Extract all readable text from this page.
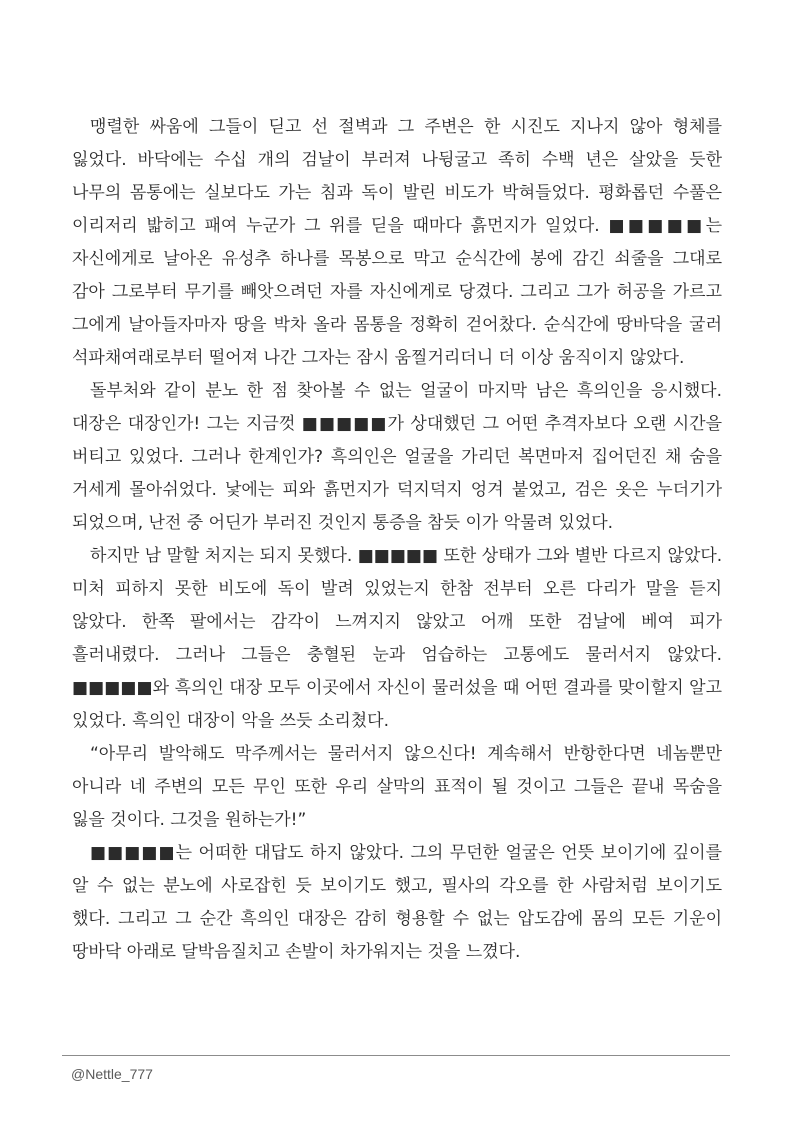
맹렬한 싸움에 그들이 딛고 선 절벽과 그 주변은 한 시진도 지나지 않아 형체를
잃었다. 바닥에는 수십 개의 검날이 부러져 나뒹굴고 족히 수백 년은 살았을 듯한
나무의 몸통에는 실보다도 가는 침과 독이 발린 비도가 박혀들었다. 평화롭던 수풀은
이리저리 밟히고 패여 누군가 그 위를 딛을 때마다 흙먼지가 일었다. ■■■■■는
자신에게로 날아온 유성추 하나를 목봉으로 막고 순식간에 봉에 감긴 쇠줄을 그대로
감아 그로부터 무기를 빼앗으려던 자를 자신에게로 당겼다. 그리고 그가 허공을 가르고
그에게 날아들자마자 땅을 박차 올라 몸통을 정확히 걷어찼다. 순식간에 땅바닥을 굴러
석파채여래로부터 떨어져 나간 그자는 잠시 움찔거리더니 더 이상 움직이지 않았다.
돌부처와 같이 분노 한 점 찾아볼 수 없는 얼굴이 마지막 남은 흑의인을 응시했다.
대장은 대장인가! 그는 지금껏 ■■■■■가 상대했던 그 어떤 추격자보다 오랜 시간을
버티고 있었다. 그러나 한계인가? 흑의인은 얼굴을 가리던 복면마저 집어던진 채 숨을
거세게 몰아쉬었다. 낯에는 피와 흙먼지가 덕지덕지 엉겨 붙었고, 검은 옷은 누더기가
되었으며, 난전 중 어딘가 부러진 것인지 통증을 참듯 이가 악물려 있었다.
하지만 남 말할 처지는 되지 못했다. ■■■■■ 또한 상태가 그와 별반 다르지 않았다.
미처 피하지 못한 비도에 독이 발려 있었는지 한참 전부터 오른 다리가 말을 듣지
않았다. 한쪽 팔에서는 감각이 느껴지지 않았고 어깨 또한 검날에 베여 피가
흘러내렸다. 그러나 그들은 충혈된 눈과 엄습하는 고통에도 물러서지 않았다.
■■■■■와 흑의인 대장 모두 이곳에서 자신이 물러섰을 때 어떤 결과를 맞이할지 알고
있었다. 흑의인 대장이 악을 쓰듯 소리쳤다.
“아무리 발악해도 막주께서는 물러서지 않으신다! 계속해서 반항한다면 네놈뿐만
아니라 네 주변의 모든 무인 또한 우리 살막의 표적이 될 것이고 그들은 끝내 목숨을
잃을 것이다. 그것을 원하는가!”
■■■■■는 어떠한 대답도 하지 않았다. 그의 무던한 얼굴은 언뜻 보이기에 깊이를
알 수 없는 분노에 사로잡힌 듯 보이기도 했고, 필사의 각오를 한 사람처럼 보이기도
했다. 그리고 그 순간 흑의인 대장은 감히 형용할 수 없는 압도감에 몸의 모든 기운이
땅바닥 아래로 달박음질치고 손발이 차가워지는 것을 느꼈다.
@Nettle_777
